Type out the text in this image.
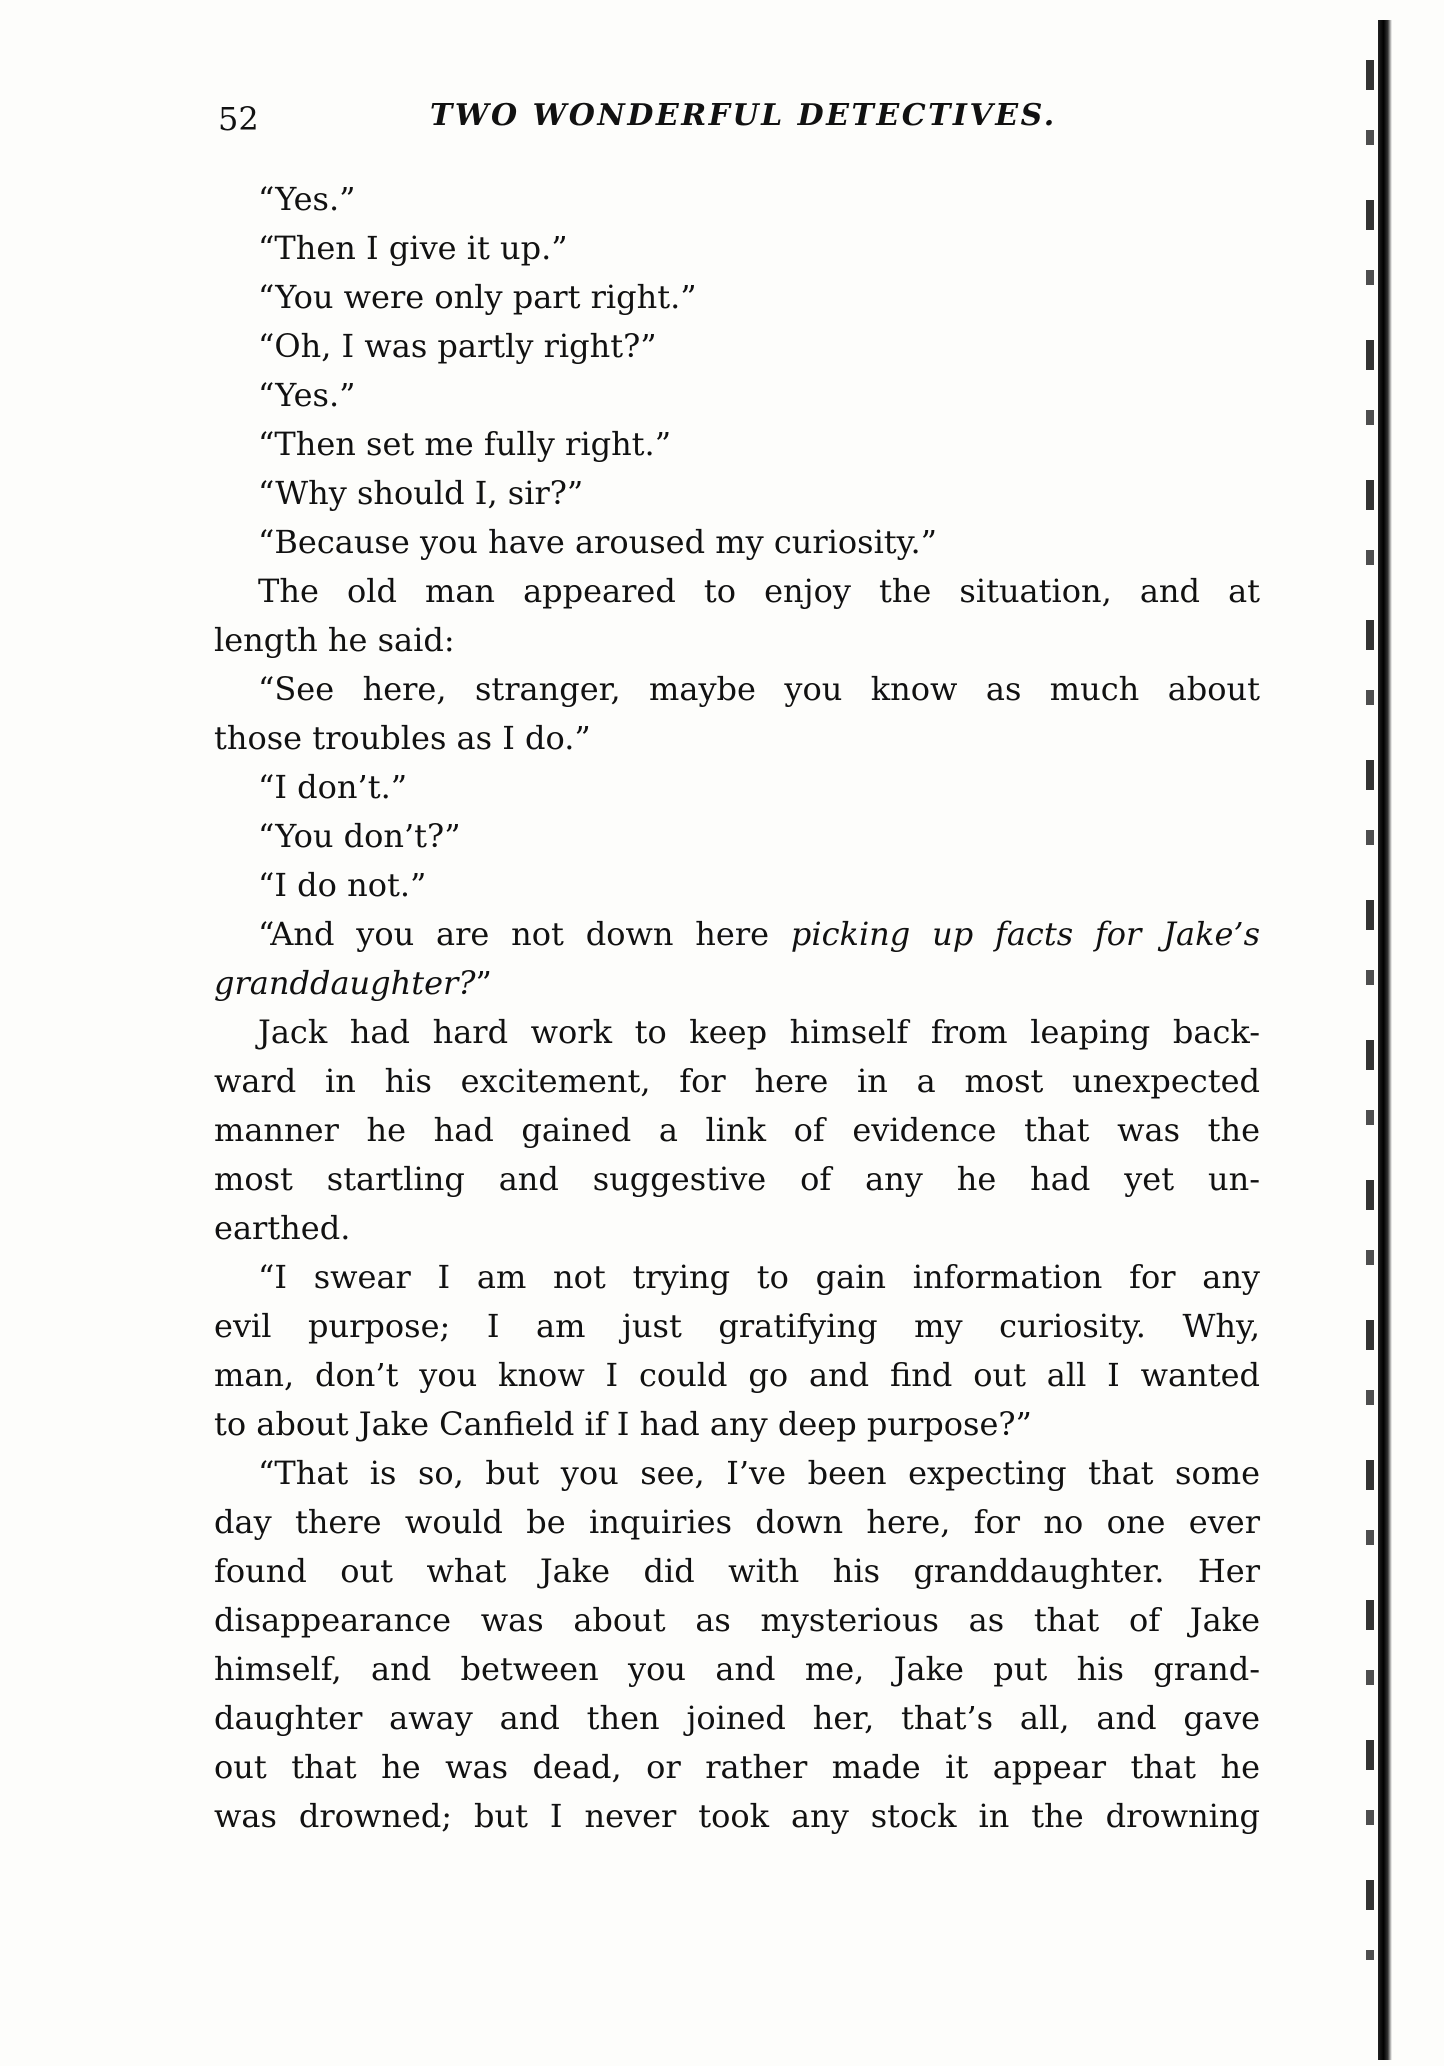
52	TWO WONDERFUL DETECTIVES.
“Yes.”
“Then I give it up.”
“You were only part right.”
“Oh, I was partly right?”
“Yes.”
“Then set me fully right.”
“Why should I, sir?”
“Because you have aroused my curiosity.”
The old man appeared to enjoy the situation, and at
length he said:
“See here, stranger, maybe you know as much about
those troubles as I do.”
“I don’t.”
“You don’t?”
“I do not.”
“And you are not down here picking up facts for Jake’s
granddaughter?”
Jack had hard work to keep himself from leaping back-
ward in his excitement, for here in a most unexpected
manner he had gained a link of evidence that was the
most startling and suggestive of any he had yet un-
earthed.
“I swear I am not trying to gain information for any
evil purpose; I am just gratifying my curiosity. Why,
man, don’t you know I could go and find out all I wanted
to about Jake Canfield if I had any deep purpose?”
“That is so, but you see, I’ve been expecting that some
day there would be inquiries down here, for no one ever
found out what Jake did with his granddaughter. Her
disappearance was about as mysterious as that of Jake
himself, and between you and me, Jake put his grand-
daughter away and then joined her, that’s all, and gave
out that he was dead, or rather made it appear that he
was drowned; but I never took any stock in the drowning
